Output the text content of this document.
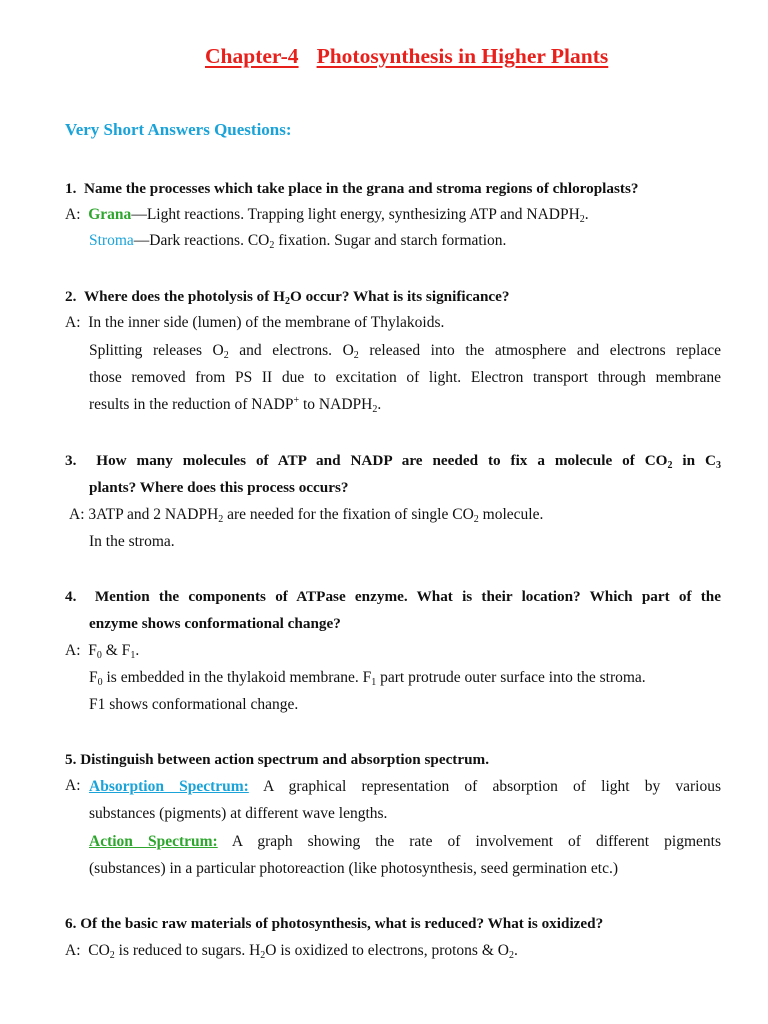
Chapter-4 Photosynthesis in Higher Plants
Very Short Answers Questions:
1. Name the processes which take place in the grana and stroma regions of chloroplasts?
A: Grana—Light reactions. Trapping light energy, synthesizing ATP and $NADPH_2$.
Stroma—Dark reactions. $CO_2$ fixation. Sugar and starch formation.
2. Where does the photolysis of $H_2O$ occur? What is its significance?
A: In the inner side (lumen) of the membrane of Thylakoids.
Splitting releases $O_2$ and electrons. $O_2$ released into the atmosphere and electrons replace
those removed from PS II due to excitation of light. Electron transport through membrane
results in the reduction of NADP+ to $NADPH_2$.
3. How many molecules of ATP and NADP are needed to fix a molecule of $CO_2$ in $C_3$
plants? Where does this process occurs?
A: 3ATP and 2 $NADPH_2$ are needed for the fixation of single $CO_2$ molecule.
In the stroma.
4. Mention the components of ATPase enzyme. What is their location? Which part of the
enzyme shows conformational change?
A: $F_0$ & $F_1$.
$F_0$ is embedded in the thylakoid membrane. $F_1$ part protrude outer surface into the stroma.
F1 shows conformational change.
5. Distinguish between action spectrum and absorption spectrum.
A: Absorption Spectrum: A graphical representation of absorption of light by various
substances (pigments) at different wave lengths.
Action Spectrum: A graph showing the rate of involvement of different pigments
(substances) in a particular photoreaction (like photosynthesis, seed germination etc.)
6. Of the basic raw materials of photosynthesis, what is reduced? What is oxidized?
A: $CO_2$ is reduced to sugars. $H_2O$ is oxidized to electrons, protons & $O_2$.
